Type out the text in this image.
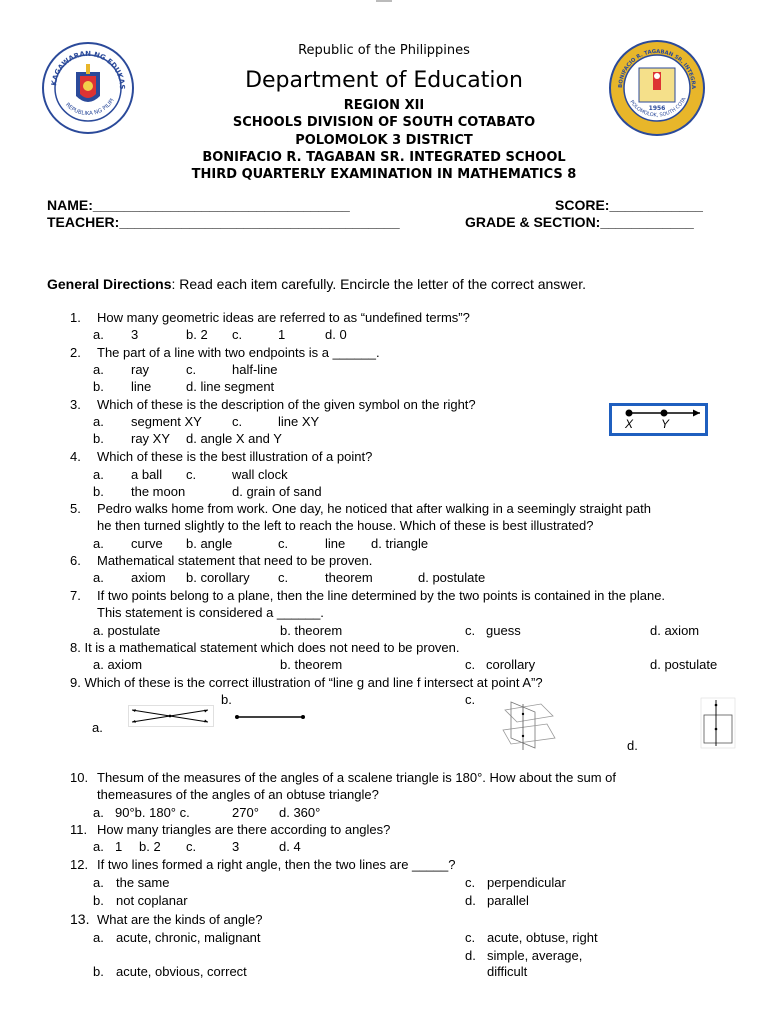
KAGAWARAN NG EDUKAS
REPUBLIKA NG PILIPI
BONIFACIO R. TAGABAN SR. INTEGRA
POLOMOLOK, SOUTH COTA
1956
Republic of the Philippines
Department of Education
REGION XII
SCHOOLS DIVISION OF SOUTH COTABATO
POLOMOLOK 3 DISTRICT
BONIFACIO R. TAGABAN SR. INTEGRATED SCHOOL
THIRD QUARTERLY EXAMINATION IN MATHEMATICS 8
NAME:_________________________________	SCORE:____________
TEACHER:____________________________________	GRADE & SECTION:____________
General Directions: Read each item carefully. Encircle the letter of the correct answer.
1. How many geometric ideas are referred to as “undefined terms”?
a. 3	b. 2 c.	1	d. 0
2. The part of a line with two endpoints is a ______.
a. ray	c.	half-line
b. line	d. line segment
3. Which of these is the description of the given symbol on the right?
a. segment XY c.	line XY
b. ray XY d. angle X and Y
X Y
4. Which of these is the best illustration of a point?
a. a ball c.	wall clock
b. the moon	d. grain of sand
5. Pedro walks home from work. One day, he noticed that after walking in a seemingly straight path
he then turned slightly to the left to reach the house. Which of these is best illustrated?
a. curve b. angle	c.	line d. triangle
6. Mathematical statement that need to be proven.
a. axiom b. corollary c.	theorem	d. postulate
7. If two points belong to a plane, then the line determined by the two points is contained in the plane.
This statement is considered a ______.
a. postulate	b. theorem	c. guess	d. axiom
8. It is a mathematical statement which does not need to be proven.
a. axiom	b. theorem	c. corollary	d. postulate
9. Which of these is the correct illustration of “line g and line f intersect at point A”?
b.	c.
a.
d.
10. Thesum of the measures of the angles of a scalene triangle is 180°. How about the sum of
themeasures of the angles of an obtuse triangle?
a. 90°b. 180° c.	270° d. 360°
11. How many triangles are there according to angles?
a. 1 b. 2 c.	3	d. 4
12. If two lines formed a right angle, then the two lines are _____?
a. the same	c. perpendicular
b. not coplanar	d. parallel
13. What are the kinds of angle?
a. acute, chronic, malignant	c. acute, obtuse, right
d. simple, average,
difficult
b. acute, obvious, correct
